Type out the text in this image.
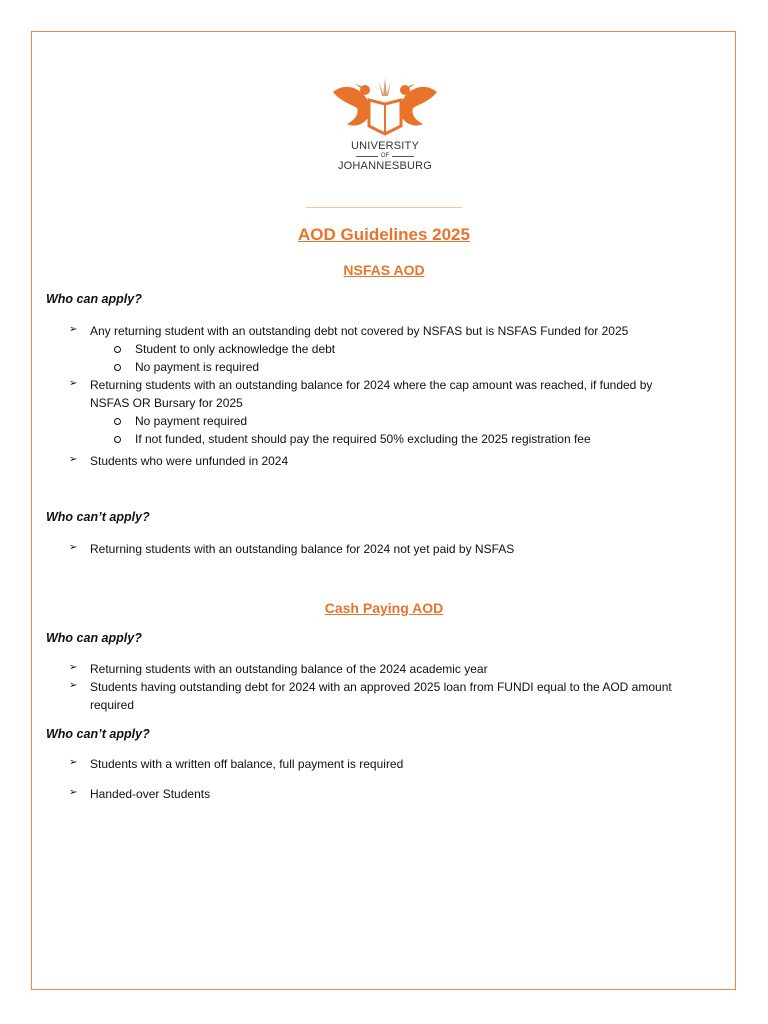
UNIVERSITY
OF
JOHANNESBURG
AOD Guidelines 2025
NSFAS AOD
Who can apply?
➢ Any returning student with an outstanding debt not covered by NSFAS but is NSFAS Funded for 2025
Student to only acknowledge the debt
No payment is required
➢ Returning students with an outstanding balance for 2024 where the cap amount was reached, if funded by
NSFAS OR Bursary for 2025
No payment required
If not funded, student should pay the required 50% excluding the 2025 registration fee
➢ Students who were unfunded in 2024
Who can’t apply?
➢ Returning students with an outstanding balance for 2024 not yet paid by NSFAS
Cash Paying AOD
Who can apply?
➢ Returning students with an outstanding balance of the 2024 academic year
➢ Students having outstanding debt for 2024 with an approved 2025 loan from FUNDI equal to the AOD amount
required
Who can’t apply?
➢ Students with a written off balance, full payment is required
➢ Handed-over Students
